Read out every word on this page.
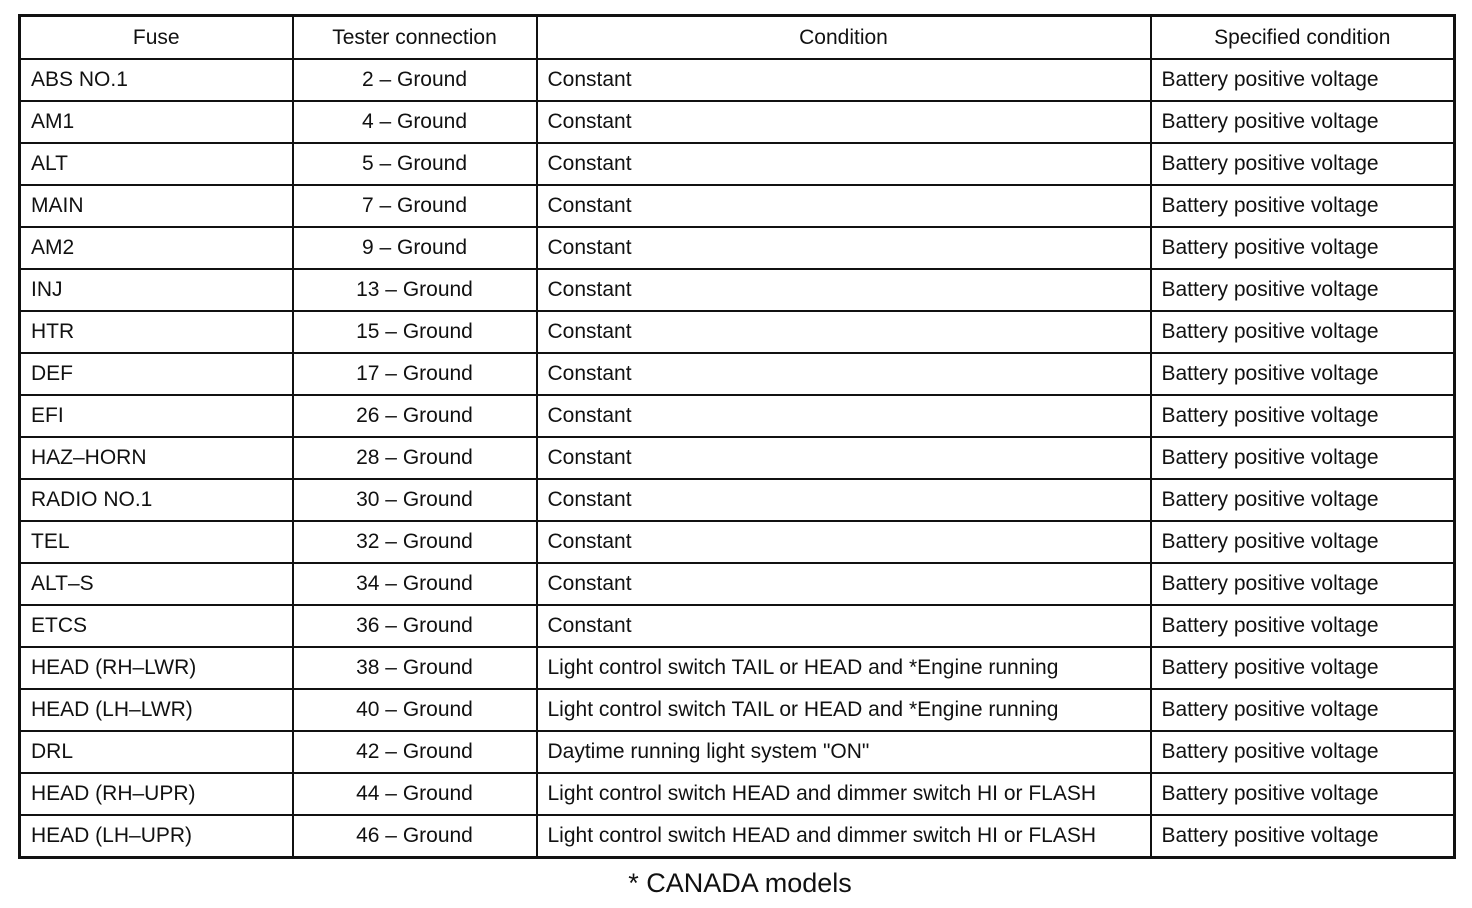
Fuse	Tester connection	Condition	Specified condition
ABS NO.1	2 – Ground	Constant	Battery positive voltage
AM1	4 – Ground	Constant	Battery positive voltage
ALT	5 – Ground	Constant	Battery positive voltage
MAIN	7 – Ground	Constant	Battery positive voltage
AM2	9 – Ground	Constant	Battery positive voltage
INJ	13 – Ground	Constant	Battery positive voltage
HTR	15 – Ground	Constant	Battery positive voltage
DEF	17 – Ground	Constant	Battery positive voltage
EFI	26 – Ground	Constant	Battery positive voltage
HAZ–HORN	28 – Ground	Constant	Battery positive voltage
RADIO NO.1	30 – Ground	Constant	Battery positive voltage
TEL	32 – Ground	Constant	Battery positive voltage
ALT–S	34 – Ground	Constant	Battery positive voltage
ETCS	36 – Ground	Constant	Battery positive voltage
HEAD (RH–LWR)	38 – Ground	Light control switch TAIL or HEAD and *Engine running	Battery positive voltage
HEAD (LH–LWR)	40 – Ground	Light control switch TAIL or HEAD and *Engine running	Battery positive voltage
DRL	42 – Ground	Daytime running light system "ON"	Battery positive voltage
HEAD (RH–UPR)	44 – Ground	Light control switch HEAD and dimmer switch HI or FLASH	Battery positive voltage
HEAD (LH–UPR)	46 – Ground	Light control switch HEAD and dimmer switch HI or FLASH	Battery positive voltage
* CANADA models
